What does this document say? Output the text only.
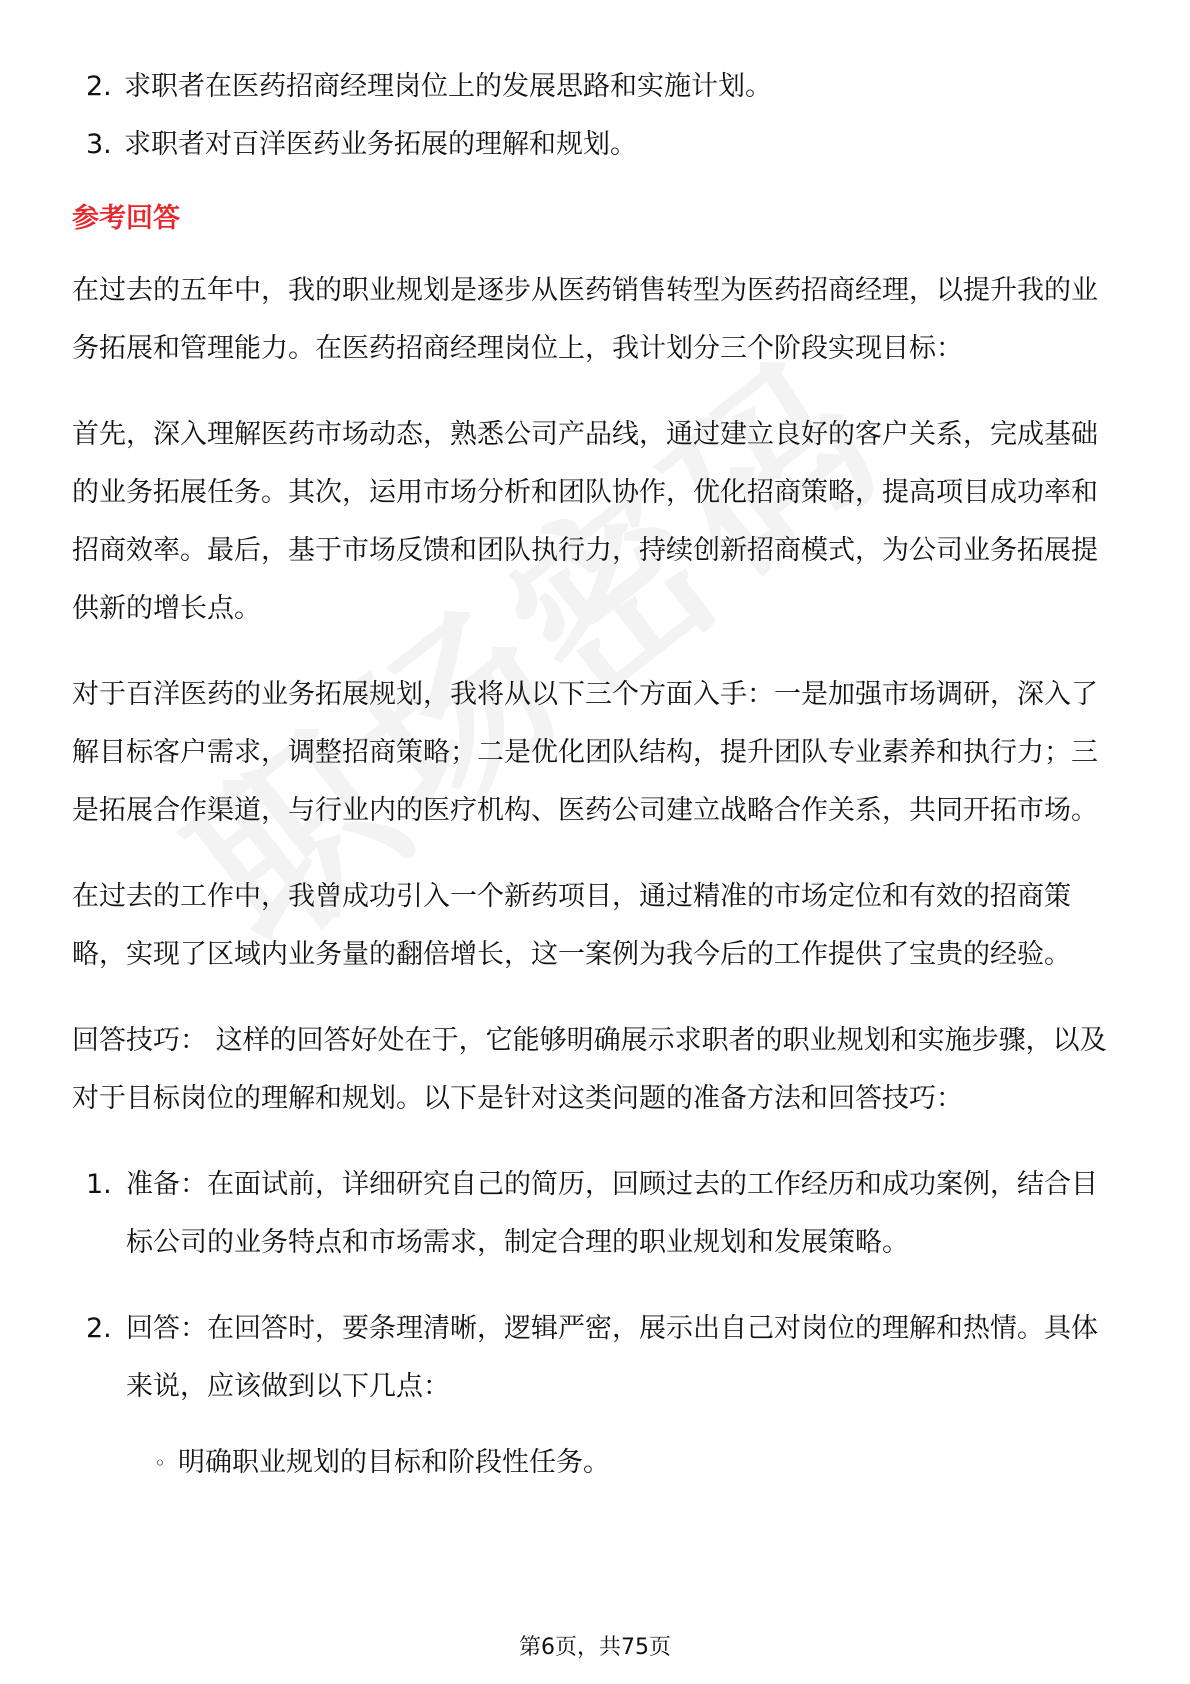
2. 求职者在医药招商经理岗位上的发展思路和实施计划。
3. 求职者对百洋医药业务拓展的理解和规划。
参考回答

在过去的五年中，我的职业规划是逐步从医药销售转型为医药招商经理，以提升我的业务拓展和管理能力。在医药招商经理岗位上，我计划分三个阶段实现目标：

首先，深入理解医药市场动态，熟悉公司产品线，通过建立良好的客户关系，完成基础的业务拓展任务。其次，运用市场分析和团队协作，优化招商策略，提高项目成功率和招商效率。最后，基于市场反馈和团队执行力，持续创新招商模式，为公司业务拓展提供新的增长点。

对于百洋医药的业务拓展规划，我将从以下三个方面入手：一是加强市场调研，深入了解目标客户需求，调整招商策略；二是优化团队结构，提升团队专业素养和执行力；三是拓展合作渠道，与行业内的医疗机构、医药公司建立战略合作关系，共同开拓市场。

在过去的工作中，我曾成功引入一个新药项目，通过精准的市场定位和有效的招商策略，实现了区域内业务量的翻倍增长，这一案例为我今后的工作提供了宝贵的经验。

回答技巧： 这样的回答好处在于，它能够明确展示求职者的职业规划和实施步骤，以及对于目标岗位的理解和规划。以下是针对这类问题的准备方法和回答技巧：

1. 准备：在面试前，详细研究自己的简历，回顾过去的工作经历和成功案例，结合目标公司的业务特点和市场需求，制定合理的职业规划和发展策略。
2. 回答：在回答时，要条理清晰，逻辑严密，展示出自己对岗位的理解和热情。具体来说，应该做到以下几点：
◦ 明确职业规划的目标和阶段性任务。
第6页，共75页
